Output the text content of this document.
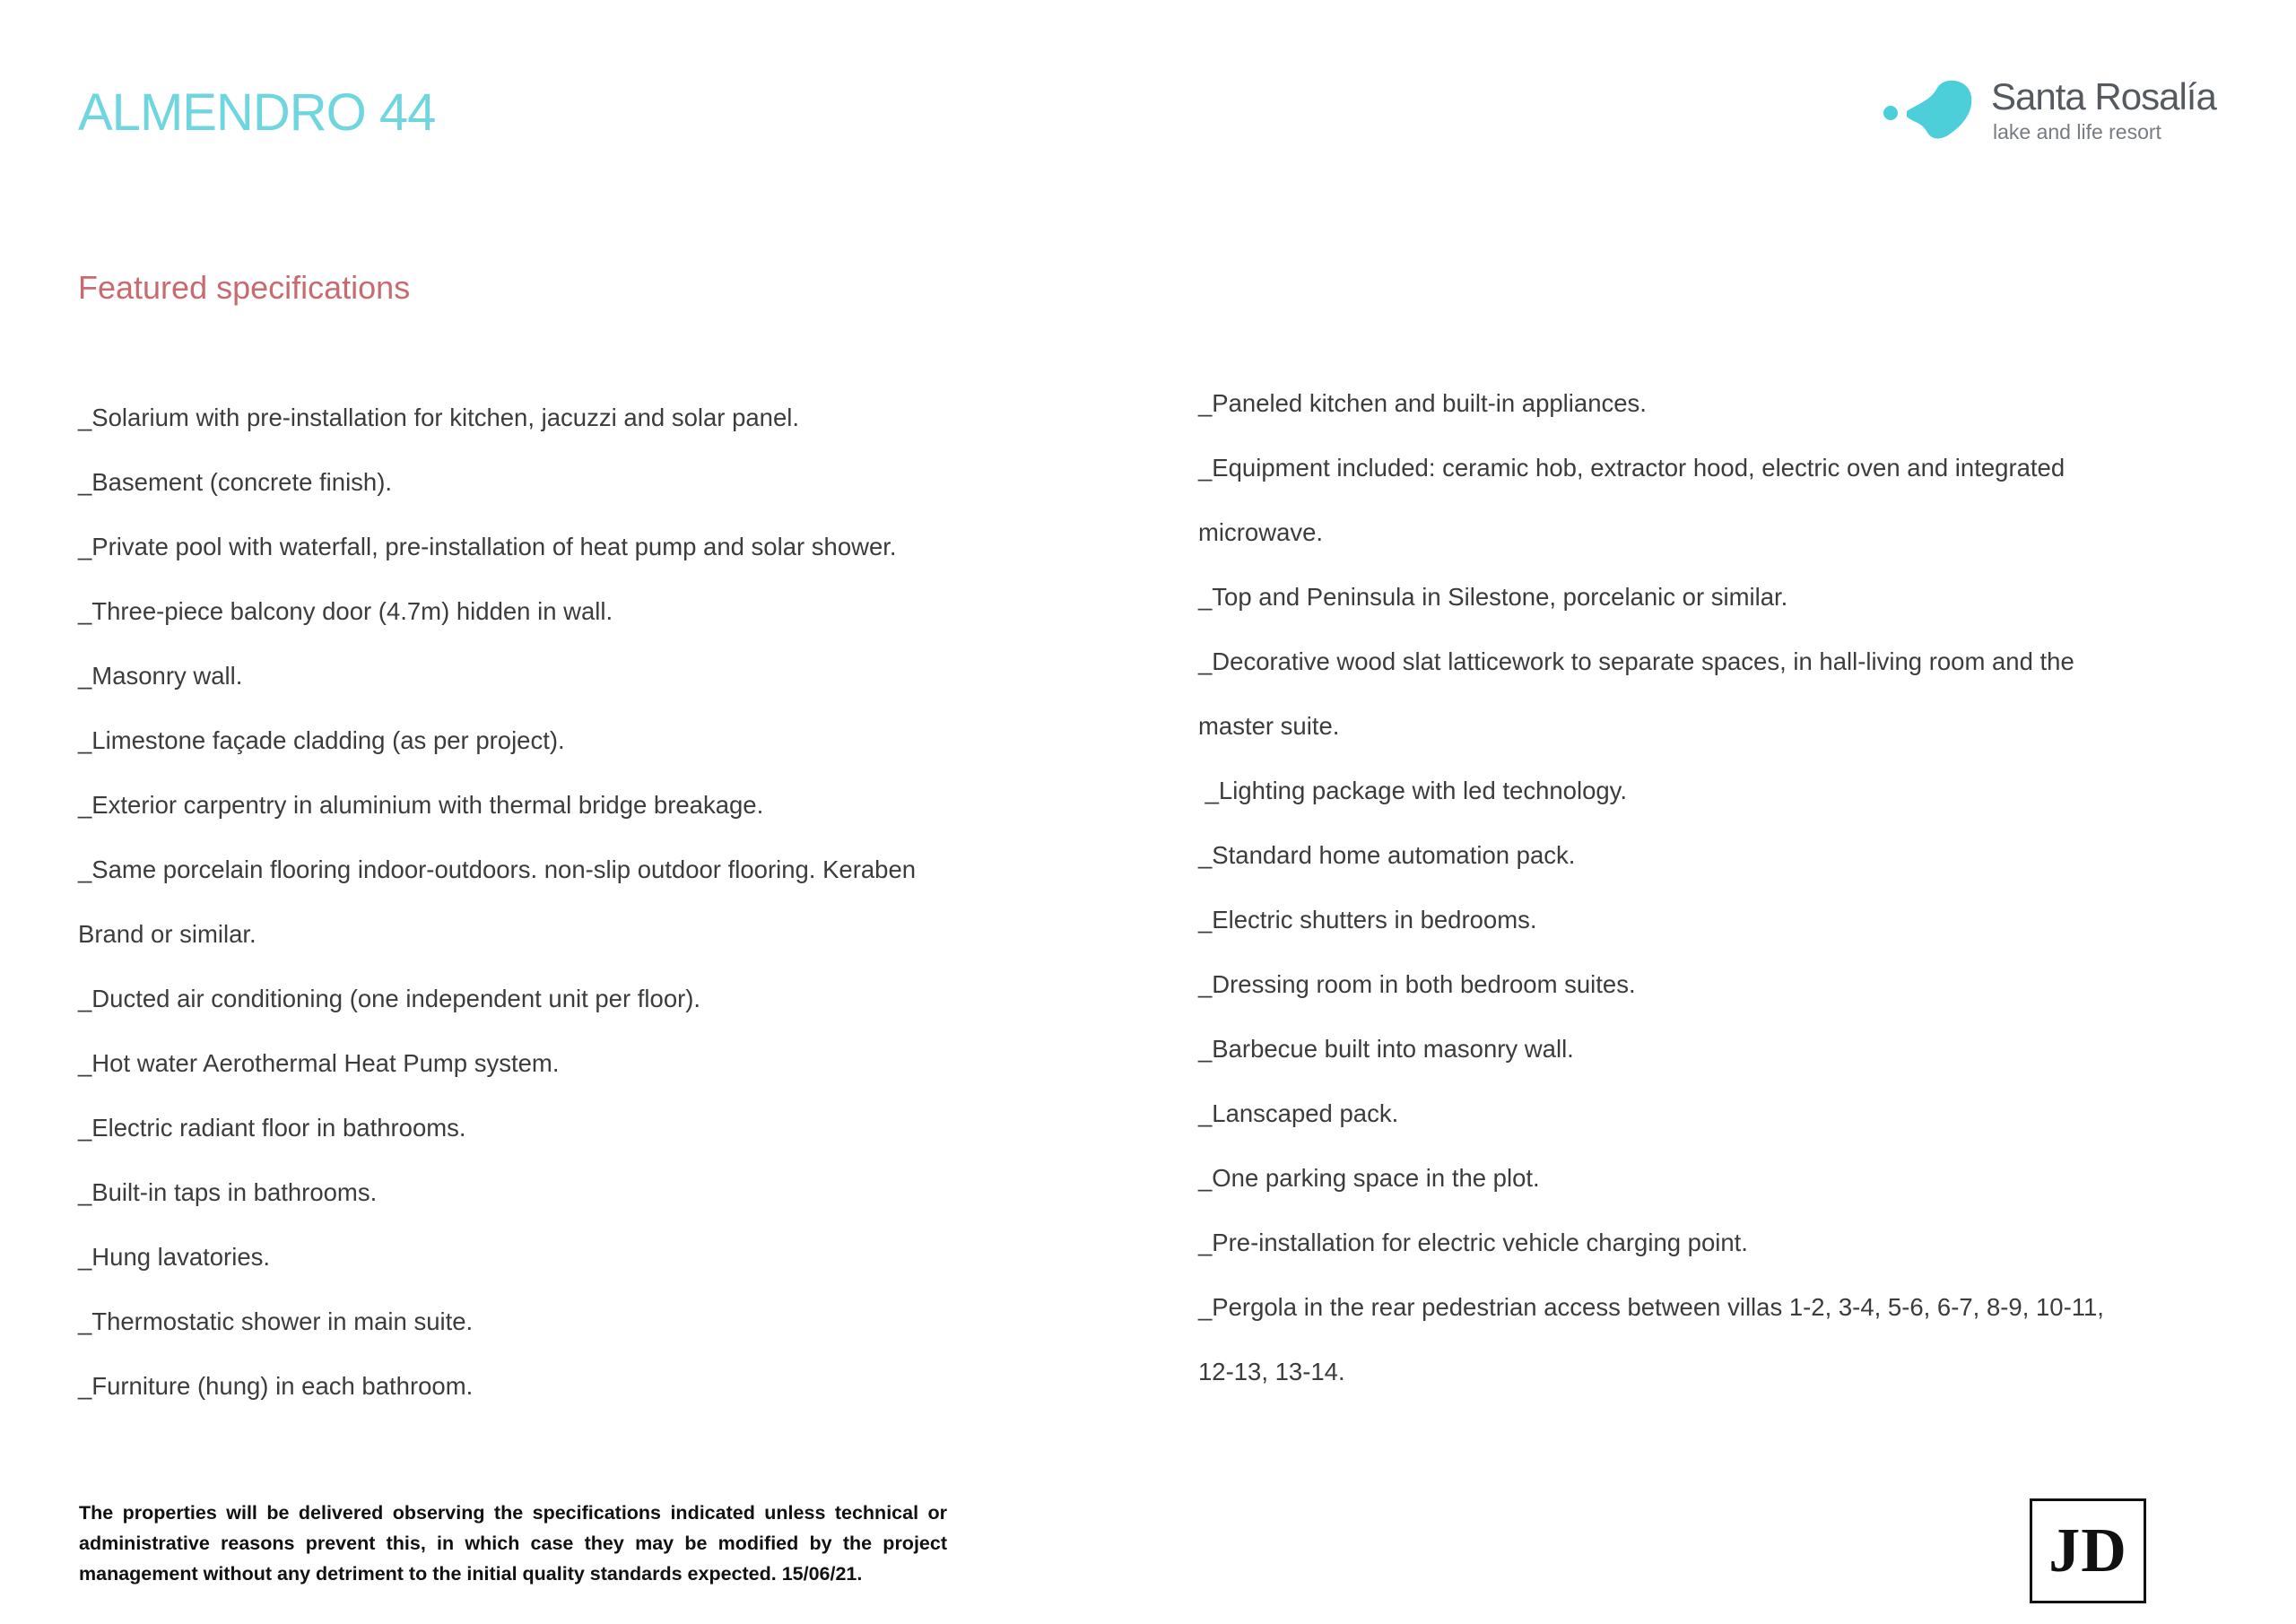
ALMENDRO 44	Santa Rosalía
lake and life resort
Featured specifications
_Solarium with pre-installation for kitchen, jacuzzi and solar panel.
_Basement (concrete finish).
_Private pool with waterfall, pre-installation of heat pump and solar shower.
_Three-piece balcony door (4.7m) hidden in wall.
_Masonry wall.
_Limestone façade cladding (as per project).
_Exterior carpentry in aluminium with thermal bridge breakage.
_Same porcelain flooring indoor-outdoors. non-slip outdoor flooring. Keraben
Brand or similar.
_Ducted air conditioning (one independent unit per floor).
_Hot water Aerothermal Heat Pump system.
_Electric radiant floor in bathrooms.
_Built-in taps in bathrooms.
_Hung lavatories.
_Thermostatic shower in main suite.
_Furniture (hung) in each bathroom.
_Paneled kitchen and built-in appliances.
_Equipment included: ceramic hob, extractor hood, electric oven and integrated
microwave.
_Top and Peninsula in Silestone, porcelanic or similar.
_Decorative wood slat latticework to separate spaces, in hall-living room and the
master suite.
_Lighting package with led technology.
_Standard home automation pack.
_Electric shutters in bedrooms.
_Dressing room in both bedroom suites.
_Barbecue built into masonry wall.
_Lanscaped pack.
_One parking space in the plot.
_Pre-installation for electric vehicle charging point.
_Pergola in the rear pedestrian access between villas 1-2, 3-4, 5-6, 6-7, 8-9, 10-11,
12-13, 13-14.

The properties will be delivered observing the specifications indicated unless technical or administrative reasons prevent this, in which case they may be modified by the project management without any detriment to the initial quality standards expected. 15/06/21.	JD
